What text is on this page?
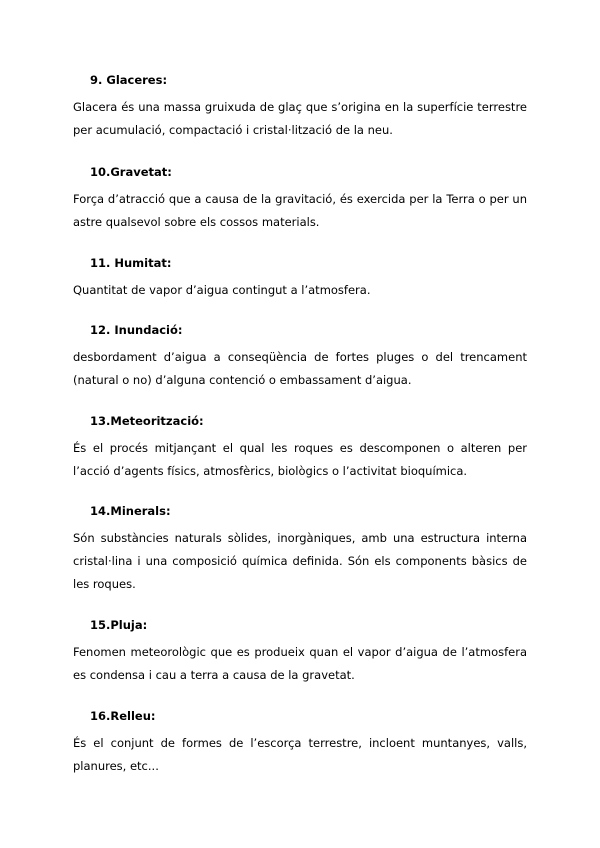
9. Glaceres:
Glacera és una massa gruixuda de glaç que s’origina en la superfície terrestre per acumulació, compactació i cristal·lització de la neu.
10.Gravetat:
Força d’atracció que a causa de la gravitació, és exercida per la Terra o per un astre qualsevol sobre els cossos materials.
11. Humitat:
Quantitat de vapor d’aigua contingut a l’atmosfera.
12. Inundació:
desbordament d’aigua a conseqüència de fortes pluges o del trencament (natural o no) d’alguna contenció o embassament d’aigua.
13.Meteorització:
És el procés mitjançant el qual les roques es descomponen o alteren per l’acció d’agents físics, atmosfèrics, biològics o l’activitat bioquímica.
14.Minerals:
Són substàncies naturals sòlides, inorgàniques, amb una estructura interna cristal·lina i una composició química definida. Són els components bàsics de les roques.
15.Pluja:
Fenomen meteorològic que es produeix quan el vapor d’aigua de l’atmosfera es condensa i cau a terra a causa de la gravetat.
16.Relleu:
És el conjunt de formes de l’escorça terrestre, incloent muntanyes, valls, planures, etc...
